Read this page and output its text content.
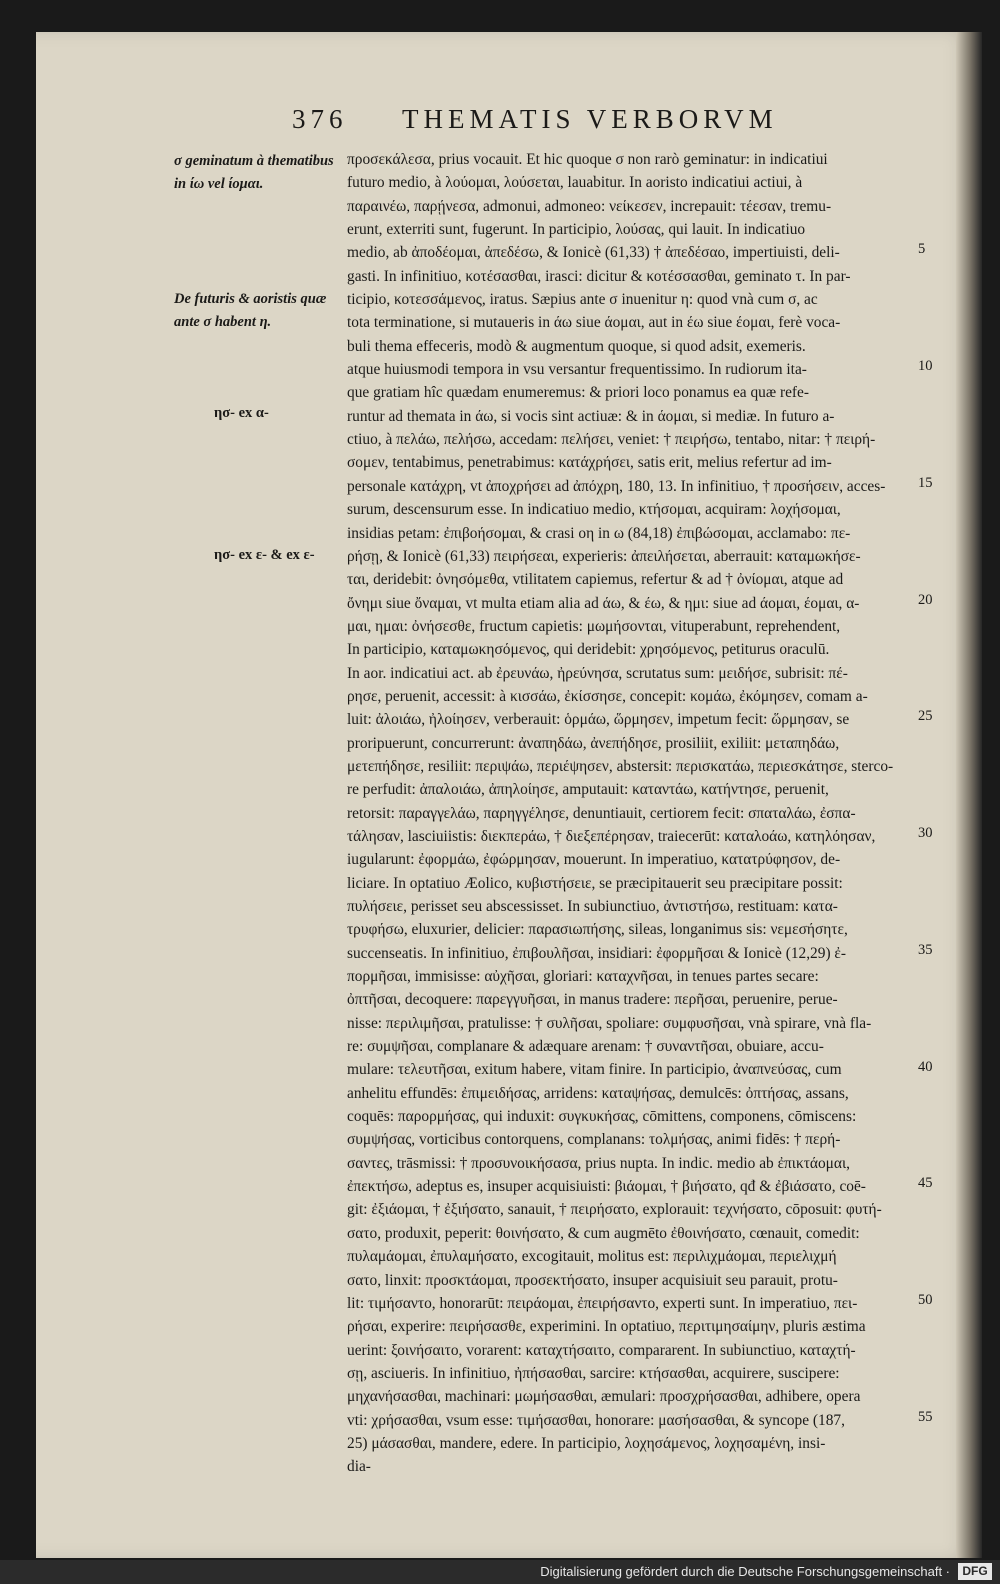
376 THEMATIS VERBORVM
σ geminatum à thematibus in ίω vel ίομαι.
De futuris & aoristis quæ ante σ habent η.
ησ- ex α-
ησ- ex ε- & ex ε-
προσεκάλεσα, prius vocauit. Et hic quoque σ non rarò geminatur: in indicatiui
futuro medio, à λούομαι, λούσεται, lauabitur. In aoristo indicatiui actiui, à
παραινέω, παρῄνεσα, admonui, admoneo: νείκεσεν, increpauit: τέεσαν, tremu-
erunt, exterriti sunt, fugerunt. In participio, λούσας, qui lauit. In indicatiuo
medio, ab ἀποδέομαι, ἀπεδέσω, & Ionicè (61,33) † ἀπεδέσαο, impertiuisti, deli-
gasti. In infinitiuo, κοτέσασθαι, irasci: dicitur & κοτέσσασθαι, geminato τ. In par-
ticipio, κοτεσσάμενος, iratus. Sæpius ante σ inuenitur η: quod vnà cum σ, ac
tota terminatione, si mutaueris in άω siue άομαι, aut in έω siue έομαι, ferè voca-
buli thema effeceris, modò & augmentum quoque, si quod adsit, exemeris.
atque huiusmodi tempora in vsu versantur frequentissimo. In rudiorum ita-
que gratiam hîc quædam enumeremus: & priori loco ponamus ea quæ refe-
runtur ad themata in άω, si vocis sint actiuæ: & in άομαι, si mediæ. In futuro a-
ctiuo, à πελάω, πελήσω, accedam: πελήσει, veniet: † πειρήσω, tentabo, nitar: † πειρή-
σομεν, tentabimus, penetrabimus: κατάχρήσει, satis erit, melius refertur ad im-
personale κατάχρη, vt ἀποχρήσει ad ἀπόχρη, 180, 13. In infinitiuo, † προσήσειν, acces-
surum, descensurum esse. In indicatiuo medio, κτήσομαι, acquiram: λοχήσομαι,
insidias petam: ἐπιβοήσομαι, & crasi οη in ω (84,18) ἐπιβώσομαι, acclamabo: πε-
ρήσῃ, & Ionicè (61,33) πειρήσεαι, experieris: ἀπειλήσεται, aberrauit: καταμωκήσε-
ται, deridebit: ὀνησόμεθα, vtilitatem capiemus, refertur & ad † ὀνίομαι, atque ad
ὄνημι siue ὄναμαι, vt multa etiam alia ad άω, & έω, & ημι: siue ad άομαι, έομαι, α-
μαι, ημαι: ὀνήσεσθε, fructum capietis: μωμήσονται, vituperabunt, reprehendent,
In participio, καταμωκησόμενος, qui deridebit: χρησόμενος, petiturus oraculū.
In aor. indicatiui act. ab ἐρευνάω, ἠρεύνησα, scrutatus sum: μειδήσε, subrisit: πέ-
ρησε, peruenit, accessit: à κισσάω, ἐκίσσησε, concepit: κομάω, ἐκόμησεν, comam a-
luit: ἀλοιάω, ἠλοίησεν, verberauit: ὁρμάω, ὥρμησεν, impetum fecit: ὥρμησαν, se
proripuerunt, concurrerunt: ἀναπηδάω, ἀνεπήδησε, prosiliit, exiliit: μεταπηδάω,
μετεπήδησε, resiliit: περιψάω, περιέψησεν, abstersit: περισκατάω, περιεσκάτησε, sterco-
re perfudit: ἀπαλοιάω, ἀπηλοίησε, amputauit: καταντάω, κατήντησε, peruenit,
retorsit: παραγγελάω, παρηγγέλησε, denuntiauit, certiorem fecit: σπαταλάω, ἐσπα-
τάλησαν, lasciuiistis: διεκπεράω, † διεξεπέρησαν, traiecerūt: καταλοάω, κατηλόησαν,
iugularunt: ἐφορμάω, ἐφώρμησαν, mouerunt. In imperatiuo, κατατρύφησον, de-
liciare. In optatiuo Æolico, κυβιστήσειε, se præcipitauerit seu præcipitare possit:
πυλήσειε, perisset seu abscessisset. In subiunctiuo, ἀντιστήσω, restituam: κατα-
τρυφήσω, eluxurier, delicier: παρασιωπήσης, sileas, longanimus sis: νεμεσήσητε,
succenseatis. In infinitiuo, ἐπιβουλῆσαι, insidiari: ἐφορμῆσαι & Ionicè (12,29) ἐ-
πορμῆσαι, immisisse: αὐχῆσαι, gloriari: καταχνῆσαι, in tenues partes secare:
ὀπτῆσαι, decoquere: παρεγγυῆσαι, in manus tradere: περῆσαι, peruenire, perue-
nisse: περιλιμῆσαι, pratulisse: † συλῆσαι, spoliare: συμφυσῆσαι, vnà spirare, vnà fla-
re: συμψῆσαι, complanare & adæquare arenam: † συναντῆσαι, obuiare, accu-
mulare: τελευτῆσαι, exitum habere, vitam finire. In participio, ἀναπνεύσας, cum
anhelitu effundēs: ἐπιμειδήσας, arridens: καταψήσας, demulcēs: ὀπτήσας, assans,
coquēs: παρορμήσας, qui induxit: συγκυκήσας, cōmittens, componens, cōmiscens:
συμψήσας, vorticibus contorquens, complanans: τολμήσας, animi fidēs: † περή-
σαντες, trāsmissi: † προσυνοικήσασα, prius nupta. In indic. medio ab ἐπικτάομαι,
ἐπεκτήσω, adeptus es, insuper acquisiuisti: βιάομαι, † βιήσατο, qđ & ἐβιάσατο, coē-
git: ἐξιάομαι, † ἐξιήσατο, sanauit, † πειρήσατο, explorauit: τεχνήσατο, cōposuit: φυτή-
σατο, produxit, peperit: θοινήσατο, & cum augmēto ἐθοινήσατο, cœnauit, comedit:
πυλαμάομαι, ἐπυλαμήσατο, excogitauit, molitus est: περιλιχμάομαι, περιελιχμή
σατο, linxit: προσκτάομαι, προσεκτήσατο, insuper acquisiuit seu parauit, protu-
lit: τιμήσαντο, honorarūt: πειράομαι, ἐπειρήσαντο, experti sunt. In imperatiuo, πει-
ρήσαι, experire: πειρήσασθε, experimini. In optatiuo, περιτιμησαίμην, pluris æstima
uerint: ξοινήσαιτο, vorarent: καταχτήσαιτο, compararent. In subiunctiuo, καταχτή-
σῃ, asciueris. In infinitiuo, ἠπήσασθαι, sarcire: κτήσασθαι, acquirere, suscipere:
μηχανήσασθαι, machinari: μωμήσασθαι, æmulari: προσχρήσασθαι, adhibere, opera
vti: χρήσασθαι, vsum esse: τιμήσασθαι, honorare: μασήσασθαι, & syncope (187,
25) μάσασθαι, mandere, edere. In participio, λοχησάμενος, λοχησαμένη, insi-
dia-
5
10
15
20
25
30
35
40
45
50
55
Digitalisierung gefördert durch die Deutsche Forschungsgemeinschaft ·	DFG
